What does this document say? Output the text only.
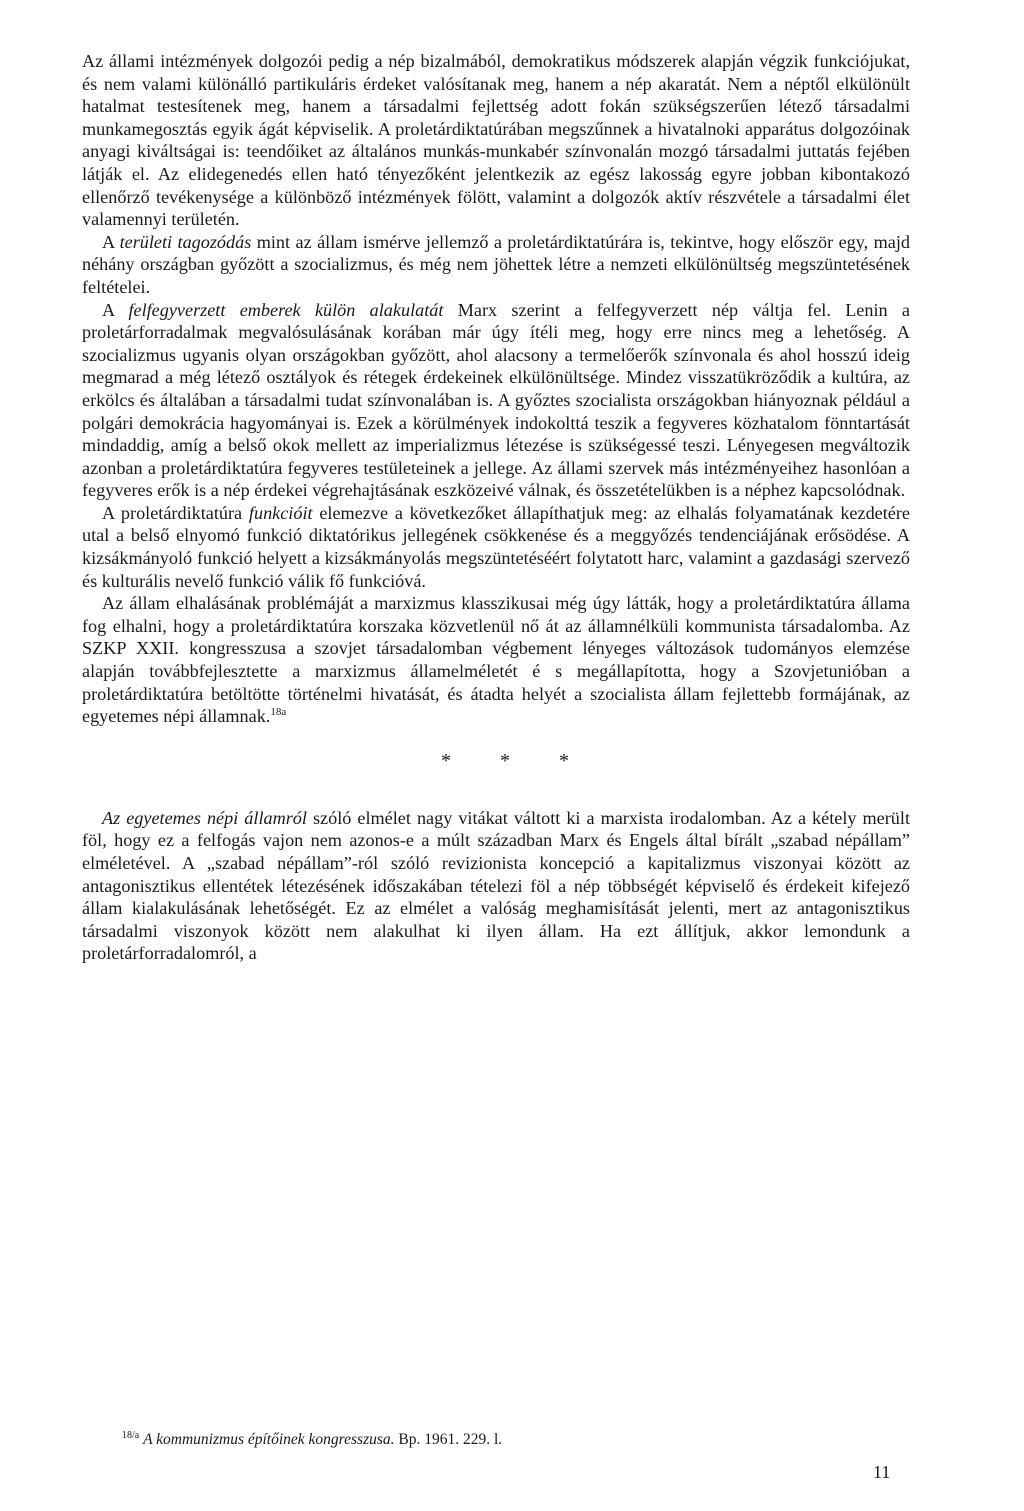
Az állami intézmények dolgozói pedig a nép bizalmából, demokratikus módszerek alapján végzik funkciójukat, és nem valami különálló partikuláris érdeket valósítanak meg, hanem a nép akaratát. Nem a néptől elkülönült hatalmat testesítenek meg, hanem a társadalmi fejlettség adott fokán szükségszerűen létező társadalmi munkamegosztás egyik ágát képviselik. A proletárdiktatúrában megszűnnek a hivatalnoki apparátus dolgozóinak anyagi kiváltságai is: teendőiket az általános munkás-munkabér színvonalán mozgó társadalmi juttatás fejében látják el. Az elidegenedés ellen ható tényezőként jelentkezik az egész lakosság egyre jobban kibontakozó ellenőrző tevékenysége a különböző intézmények fölött, valamint a dolgozók aktív részvétele a társadalmi élet valamennyi területén.

A területi tagozódás mint az állam ismérve jellemző a proletárdiktatúrára is, tekintve, hogy először egy, majd néhány országban győzött a szocializmus, és még nem jöhettek létre a nemzeti elkülönültség megszüntetésének feltételei.

A felfegyverzett emberek külön alakulatát Marx szerint a felfegyverzett nép váltja fel. Lenin a proletárforradalmak megvalósulásának korában már úgy ítéli meg, hogy erre nincs meg a lehetőség. A szocializmus ugyanis olyan országokban győzött, ahol alacsony a termelőerők színvonala és ahol hosszú ideig megmarad a még létező osztályok és rétegek érdekeinek elkülönültsége. Mindez visszatükröződik a kultúra, az erkölcs és általában a társadalmi tudat színvonalában is. A győztes szocialista országokban hiányoznak például a polgári demokrácia hagyományai is. Ezek a körülmények indokolttá teszik a fegyveres közhatalom fönntartását mindaddig, amíg a belső okok mellett az imperializmus létezése is szükségessé teszi. Lényegesen megváltozik azonban a proletárdiktatúra fegyveres testületeinek a jellege. Az állami szervek más intézményeihez hasonlóan a fegyveres erők is a nép érdekei végrehajtásának eszközeivé válnak, és összetételükben is a néphez kapcsolódnak.

A proletárdiktatúra funkcióit elemezve a következőket állapíthatjuk meg: az elhalás folyamatának kezdetére utal a belső elnyomó funkció diktatórikus jellegének csökkenése és a meggyőzés tendenciájának erősödése. A kizsákmányoló funkció helyett a kizsákmányolás megszüntetéséért folytatott harc, valamint a gazdasági szervező és kulturális nevelő funkció válik fő funkcióvá.

Az állam elhalásának problémáját a marxizmus klasszikusai még úgy látták, hogy a proletárdiktatúra állama fog elhalni, hogy a proletárdiktatúra korszaka közvetlenül nő át az államnélküli kommunista társadalomba. Az SZKP XXII. kongresszusa a szovjet társadalomban végbement lényeges változások tudományos elemzése alapján továbbfejlesztette a marxizmus államelméletét é s megállapította, hogy a Szovjetunióban a proletárdiktatúra betöltötte történelmi hivatását, és átadta helyét a szocialista állam fejlettebb formájának, az egyetemes népi államnak.$^{18a}$

* * *

Az egyetemes népi államról szóló elmélet nagy vitákat váltott ki a marxista irodalomban. Az a kétely merült föl, hogy ez a felfogás vajon nem azonos-e a múlt században Marx és Engels által bírált „szabad népállam” elméletével. A „szabad népállam”-ról szóló revizionista koncepció a kapitalizmus viszonyai között az antagonisztikus ellentétek létezésének időszakában tételezi föl a nép többségét képviselő és érdekeit kifejező állam kialakulásának lehetőségét. Ez az elmélet a valóság meghamisítását jelenti, mert az antagonisztikus társadalmi viszonyok között nem alakulhat ki ilyen állam. Ha ezt állítjuk, akkor lemondunk a proletárforradalomról, a

$^{18/a}$ A kommunizmus építőinek kongresszusa. Bp. 1961. 229. l.
11
